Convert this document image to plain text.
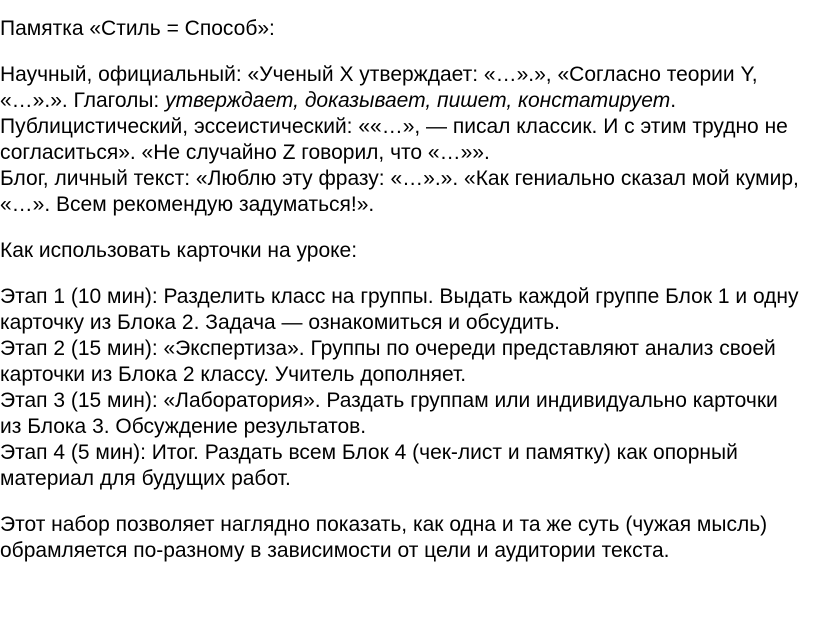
Памятка «Стиль = Способ»:

Научный, официальный: «Ученый X утверждает: «…».», «Согласно теории Y,
«…».». Глаголы: утверждает, доказывает, пишет, констатирует.
Публицистический, эссеистический: ««…», — писал классик. И с этим трудно не
согласиться». «Не случайно Z говорил, что «…»».
Блог, личный текст: «Люблю эту фразу: «…».». «Как гениально сказал мой кумир,
«…». Всем рекомендую задуматься!».

Как использовать карточки на уроке:

Этап 1 (10 мин): Разделить класс на группы. Выдать каждой группе Блок 1 и одну
карточку из Блока 2. Задача — ознакомиться и обсудить.
Этап 2 (15 мин): «Экспертиза». Группы по очереди представляют анализ своей
карточки из Блока 2 классу. Учитель дополняет.
Этап 3 (15 мин): «Лаборатория». Раздать группам или индивидуально карточки
из Блока 3. Обсуждение результатов.
Этап 4 (5 мин): Итог. Раздать всем Блок 4 (чек-лист и памятку) как опорный
материал для будущих работ.

Этот набор позволяет наглядно показать, как одна и та же суть (чужая мысль)
обрамляется по-разному в зависимости от цели и аудитории текста.
